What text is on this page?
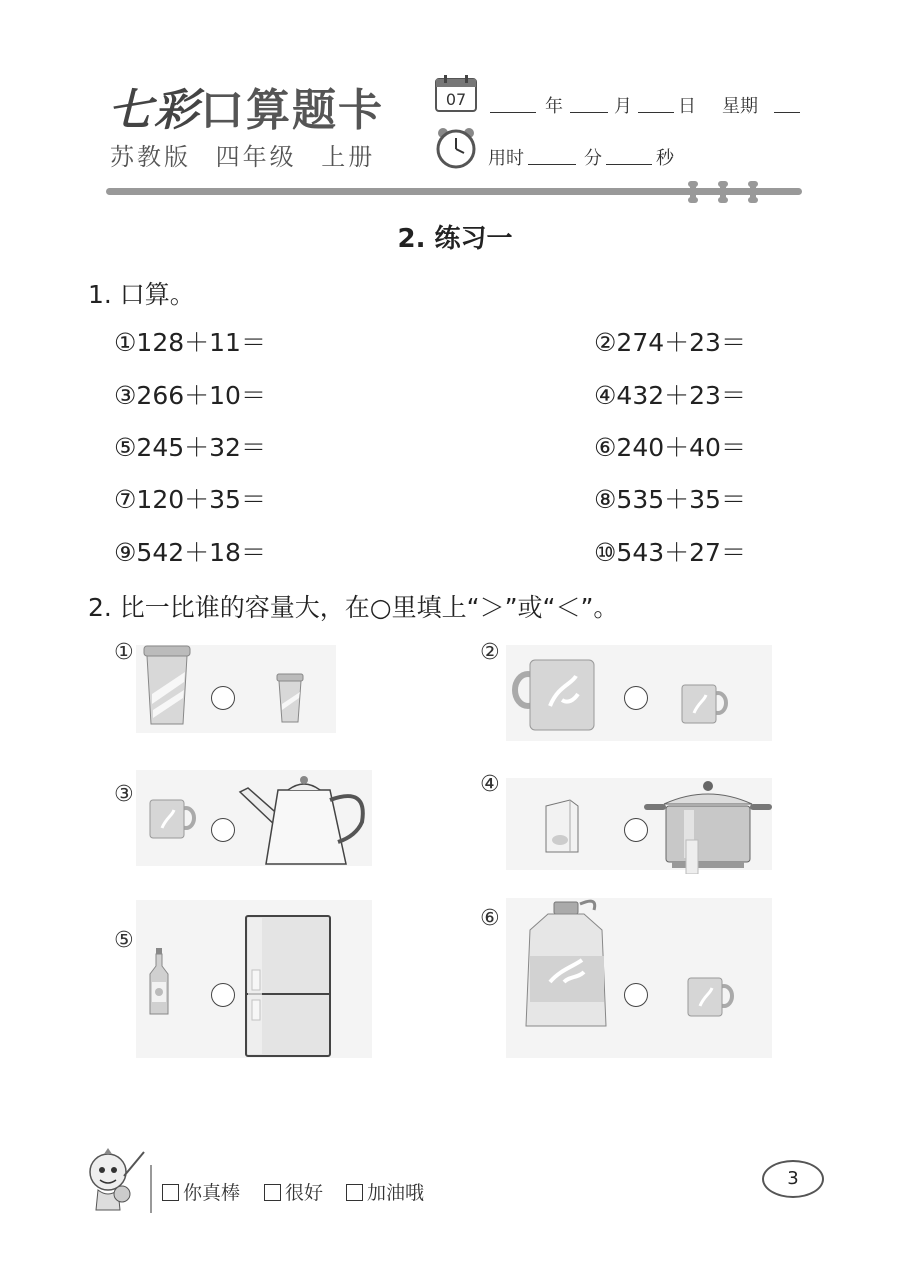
七彩口算题卡
苏教版 四年级 上册
07	年	月	日 星期
用时	分	秒
2. 练习一
1. 口算。
①128＋11＝	②274＋23＝
③266＋10＝	④432＋23＝
⑤245＋32＝	⑥240＋40＝
⑦120＋35＝	⑧535＋35＝
⑨542＋18＝	⑩543＋27＝
2. 比一比谁的容量大，在○里填上“＞”或“＜”。
①	②
③	④
⑤
⑥
你真棒	很好	加油哦
3
